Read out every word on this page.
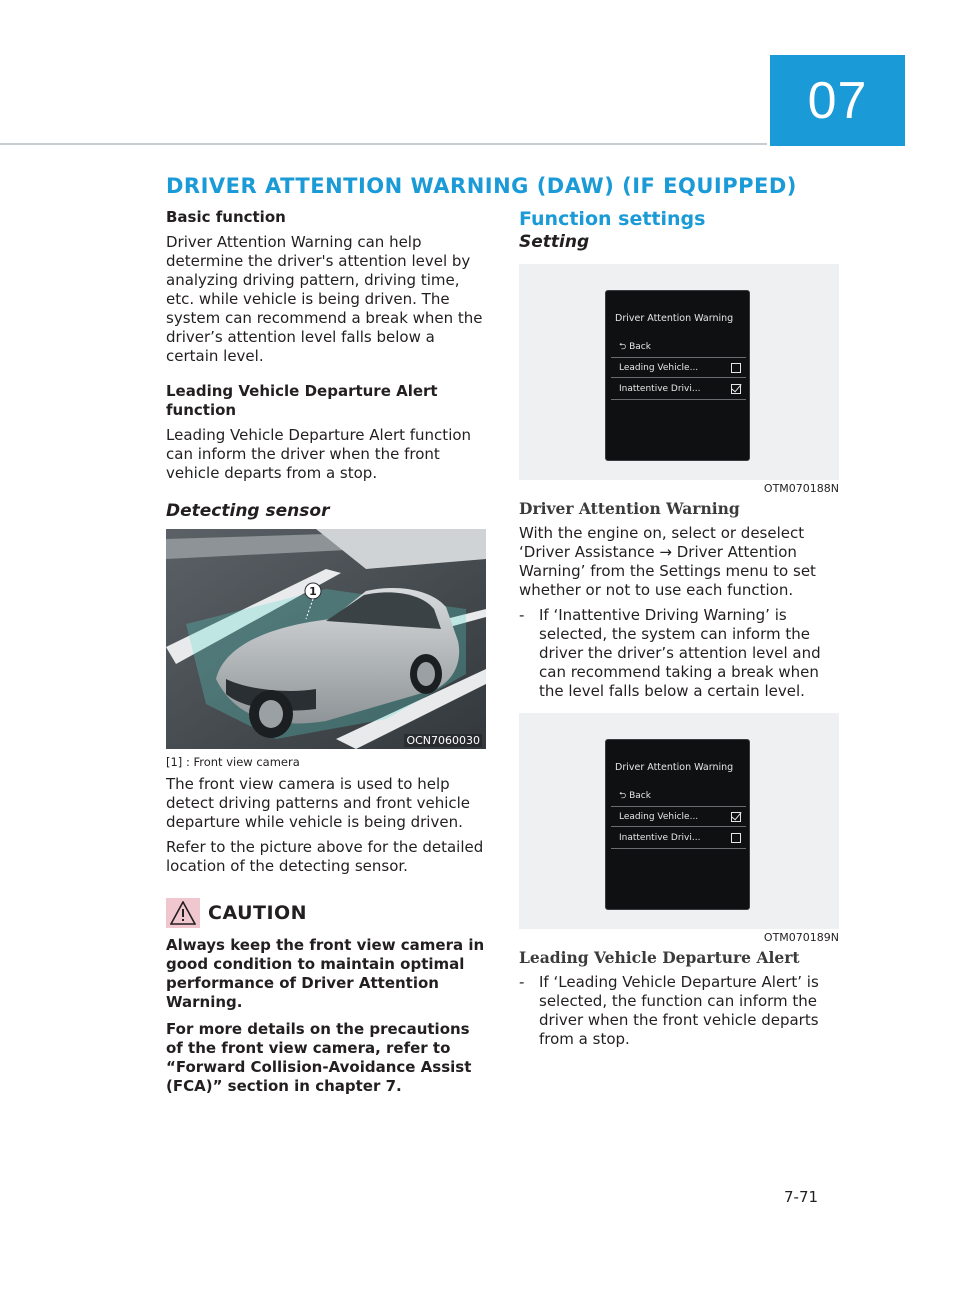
07
DRIVER ATTENTION WARNING (DAW) (IF EQUIPPED)
Basic function
Driver Attention Warning can help determine the driver's attention level by analyzing driving pattern, driving time, etc. while vehicle is being driven. The system can recommend a break when the driver’s attention level falls below a certain level.
Leading Vehicle Departure Alert function
Leading Vehicle Departure Alert function can inform the driver when the front vehicle departs from a stop.
Detecting sensor
1
OCN7060030
[1] : Front view camera
The front view camera is used to help detect driving patterns and front vehicle departure while vehicle is being driven.
Refer to the picture above for the detailed location of the detecting sensor.
CAUTION
Always keep the front view camera in good condition to maintain optimal performance of Driver Attention Warning.
For more details on the precautions of the front view camera, refer to “Forward Collision-Avoidance Assist (FCA)” section in chapter 7.
Function settings
Setting
Driver Attention Warning
⮌ Back
Leading Vehicle...
Inattentive Drivi...
OTM070188N
Driver Attention Warning
With the engine on, select or deselect ‘Driver Assistance → Driver Attention Warning’ from the Settings menu to set whether or not to use each function.
- If ‘Inattentive Driving Warning’ is selected, the system can inform the driver the driver’s attention level and can recommend taking a break when the level falls below a certain level.
Driver Attention Warning
⮌ Back
Leading Vehicle...
Inattentive Drivi...
OTM070189N
Leading Vehicle Departure Alert
- If ‘Leading Vehicle Departure Alert’ is selected, the function can inform the driver when the front vehicle departs from a stop.
7-71
